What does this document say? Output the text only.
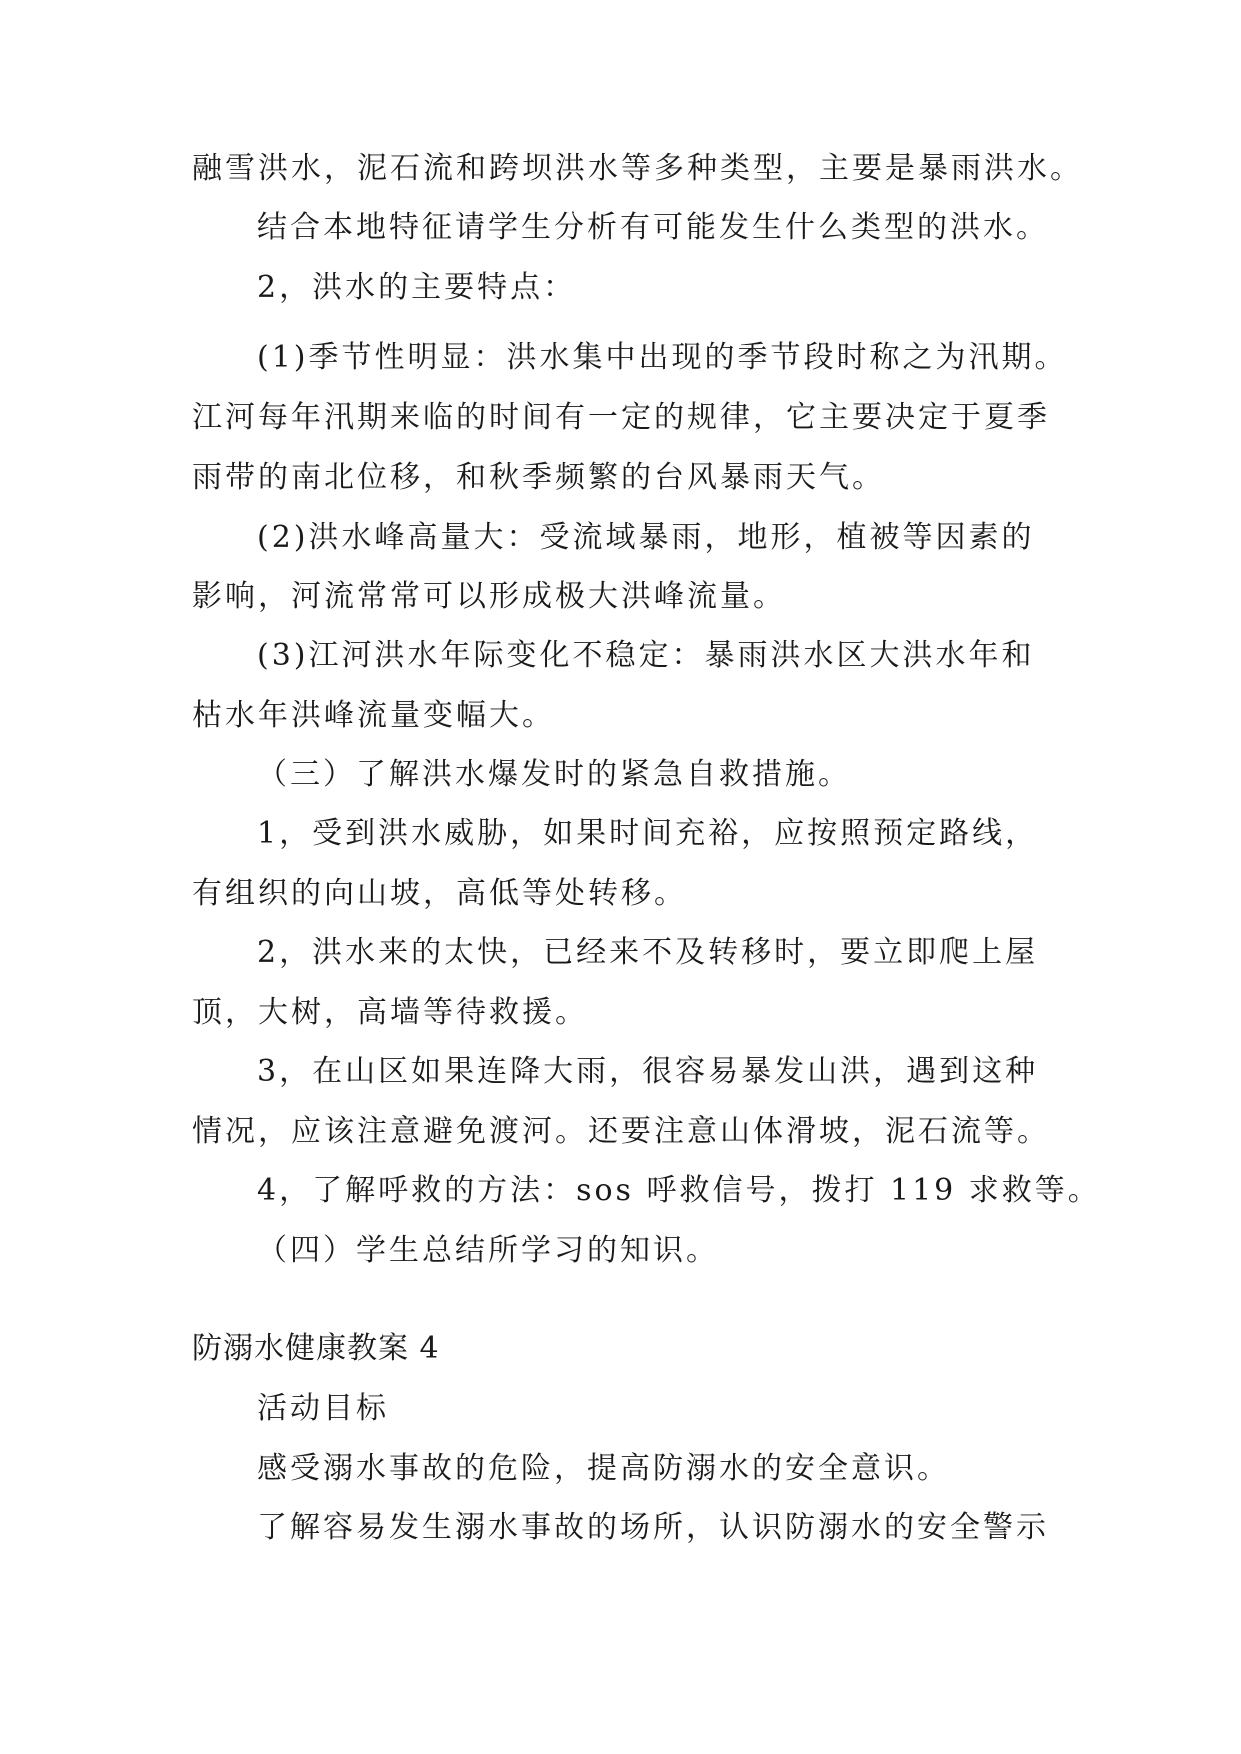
融雪洪水，泥石流和跨坝洪水等多种类型，主要是暴雨洪水。
结合本地特征请学生分析有可能发生什么类型的洪水。
2，洪水的主要特点：
(1)季节性明显：洪水集中出现的季节段时称之为汛期。
江河每年汛期来临的时间有一定的规律，它主要决定于夏季
雨带的南北位移，和秋季频繁的台风暴雨天气。
(2)洪水峰高量大：受流域暴雨，地形，植被等因素的
影响，河流常常可以形成极大洪峰流量。
(3)江河洪水年际变化不稳定：暴雨洪水区大洪水年和
枯水年洪峰流量变幅大。
（三）了解洪水爆发时的紧急自救措施。
1，受到洪水威胁，如果时间充裕，应按照预定路线，
有组织的向山坡，高低等处转移。
2，洪水来的太快，已经来不及转移时，要立即爬上屋
顶，大树，高墙等待救援。
3，在山区如果连降大雨，很容易暴发山洪，遇到这种
情况，应该注意避免渡河。还要注意山体滑坡，泥石流等。
4，了解呼救的方法：sos 呼救信号，拨打 119 求救等。
（四）学生总结所学习的知识。
防溺水健康教案 4
活动目标
感受溺水事故的危险，提高防溺水的安全意识。
了解容易发生溺水事故的场所，认识防溺水的安全警示
